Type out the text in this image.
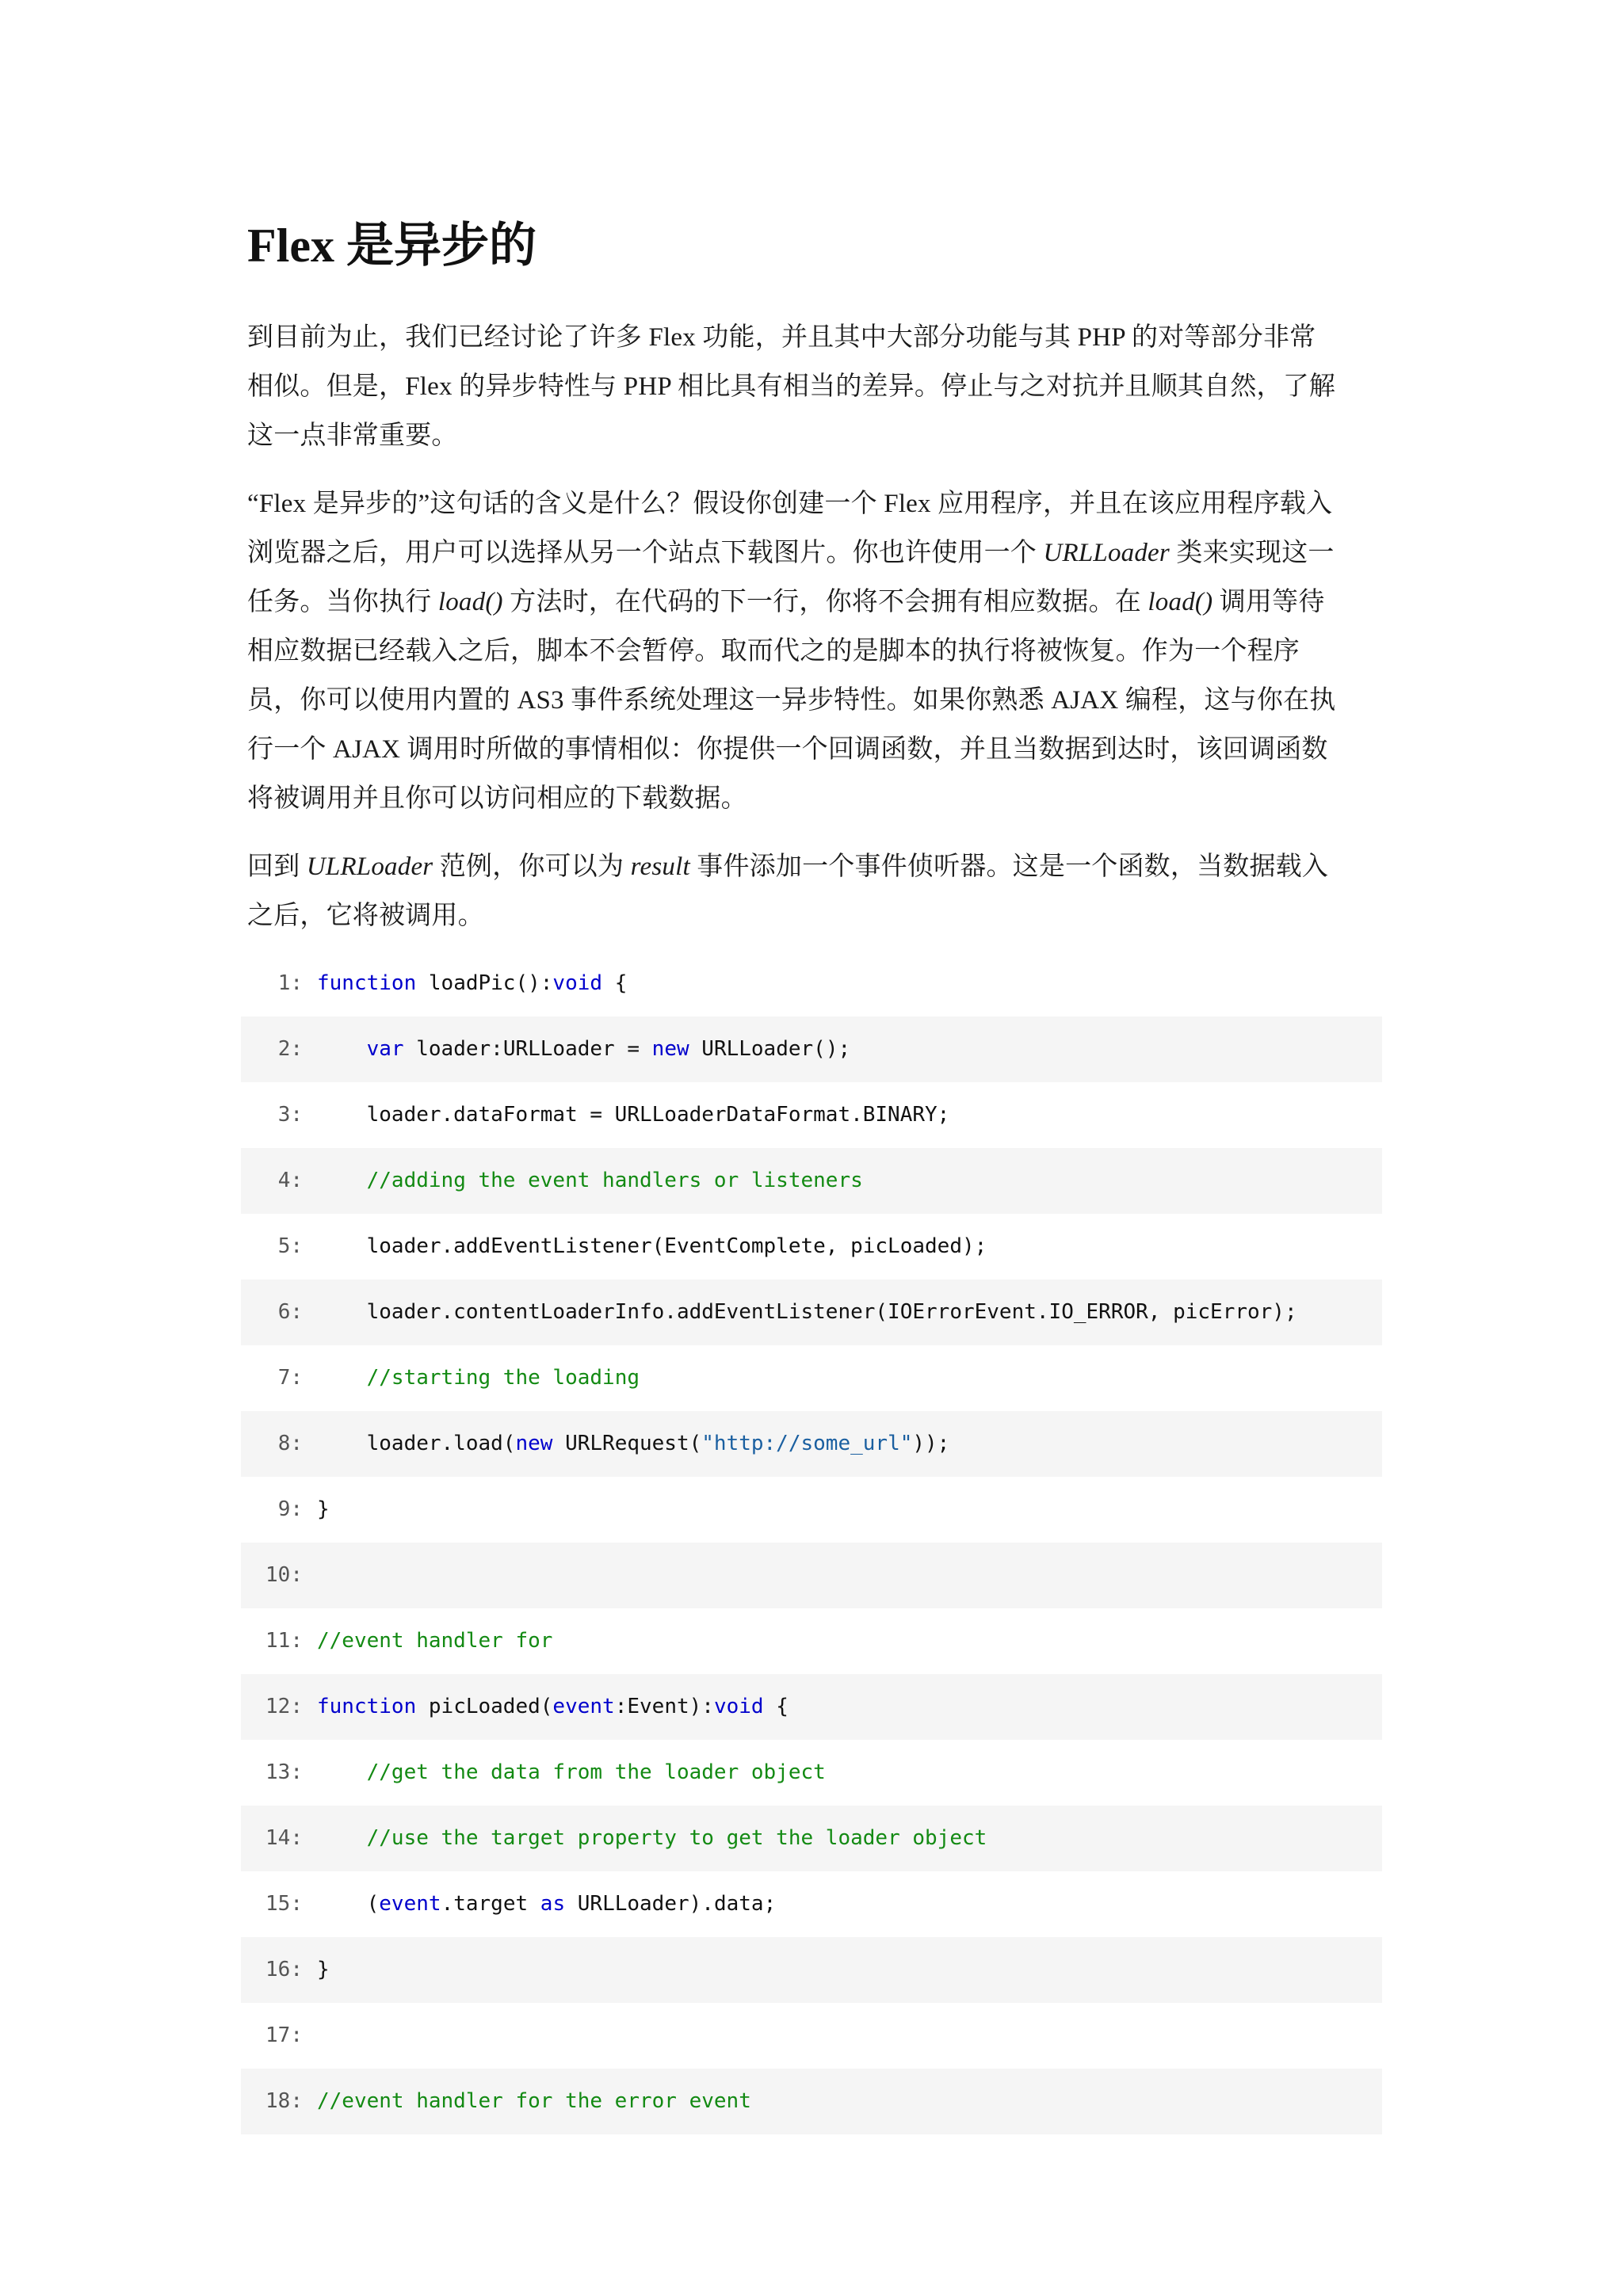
Flex 是异步的
到目前为止，我们已经讨论了许多 Flex 功能，并且其中大部分功能与其 PHP 的对等部分非常
相似。但是，Flex 的异步特性与 PHP 相比具有相当的差异。停止与之对抗并且顺其自然，了解
这一点非常重要。
“Flex 是异步的”这句话的含义是什么？假设你创建一个 Flex 应用程序，并且在该应用程序载入
浏览器之后，用户可以选择从另一个站点下载图片。你也许使用一个 URLLoader 类来实现这一
任务。当你执行 load() 方法时，在代码的下一行，你将不会拥有相应数据。在 load() 调用等待
相应数据已经载入之后，脚本不会暂停。取而代之的是脚本的执行将被恢复。作为一个程序
员，你可以使用内置的 AS3 事件系统处理这一异步特性。如果你熟悉 AJAX 编程，这与你在执
行一个 AJAX 调用时所做的事情相似：你提供一个回调函数，并且当数据到达时，该回调函数
将被调用并且你可以访问相应的下载数据。
回到 ULRLoader 范例，你可以为 result 事件添加一个事件侦听器。这是一个函数，当数据载入
之后，它将被调用。
1: function loadPic():void {
2:	var loader:URLLoader = new URLLoader();
3: loader.dataFormat = URLLoaderDataFormat.BINARY;
4:	//adding the event handlers or listeners
5: loader.addEventListener(EventComplete, picLoaded);
6: loader.contentLoaderInfo.addEventListener(IOErrorEvent.IO_ERROR, picError);
7:	//starting the loading
8: loader.load(new URLRequest("http://some_url"));
9: }
10:
11: //event handler for
12: function picLoaded(event:Event):void {
13:	//get the data from the loader object
14:	//use the target property to get the loader object
15: (event.target as URLLoader).data;
16: }
17:
18: //event handler for the error event
